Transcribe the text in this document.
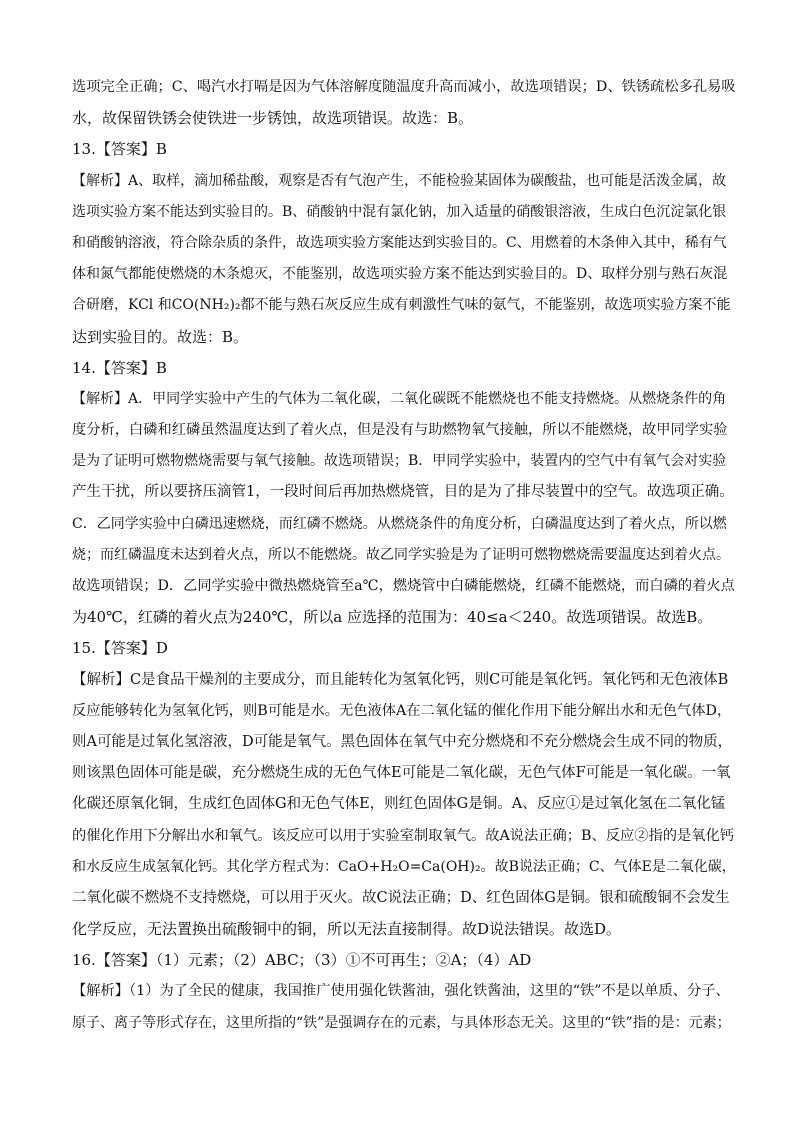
选项完全正确；C、喝汽水打嗝是因为气体溶解度随温度升高而减小，故选项错误；D、铁锈疏松多孔易吸
水，故保留铁锈会使铁进一步锈蚀，故选项错误。故选：B。
13.【答案】B
【解析】A、取样，滴加稀盐酸，观察是否有气泡产生，不能检验某固体为碳酸盐，也可能是活泼金属，故
选项实验方案不能达到实验目的。B、硝酸钠中混有氯化钠，加入适量的硝酸银溶液，生成白色沉淀氯化银
和硝酸钠溶液，符合除杂质的条件，故选项实验方案能达到实验目的。C、用燃着的木条伸入其中，稀有气
体和氮气都能使燃烧的木条熄灭，不能鉴别，故选项实验方案不能达到实验目的。D、取样分别与熟石灰混
合研磨，KCl 和CO(NH₂)₂都不能与熟石灰反应生成有刺激性气味的氨气，不能鉴别，故选项实验方案不能
达到实验目的。故选：B。
14.【答案】B
【解析】A．甲同学实验中产生的气体为二氧化碳，二氧化碳既不能燃烧也不能支持燃烧。从燃烧条件的角
度分析，白磷和红磷虽然温度达到了着火点，但是没有与助燃物氧气接触，所以不能燃烧，故甲同学实验
是为了证明可燃物燃烧需要与氧气接触。故选项错误；B．甲同学实验中，装置内的空气中有氧气会对实验
产生干扰，所以要挤压滴管1，一段时间后再加热燃烧管，目的是为了排尽装置中的空气。故选项正确。
C．乙同学实验中白磷迅速燃烧，而红磷不燃烧。从燃烧条件的角度分析，白磷温度达到了着火点，所以燃
烧；而红磷温度未达到着火点，所以不能燃烧。故乙同学实验是为了证明可燃物燃烧需要温度达到着火点。
故选项错误；D．乙同学实验中微热燃烧管至a℃，燃烧管中白磷能燃烧，红磷不能燃烧，而白磷的着火点
为40℃，红磷的着火点为240℃，所以a 应选择的范围为：40≤a＜240。故选项错误。故选B。
15.【答案】D
【解析】C是食品干燥剂的主要成分，而且能转化为氢氧化钙，则C可能是氧化钙。氧化钙和无色液体B
反应能够转化为氢氧化钙，则B可能是水。无色液体A在二氧化锰的催化作用下能分解出水和无色气体D，
则A可能是过氧化氢溶液，D可能是氧气。黑色固体在氧气中充分燃烧和不充分燃烧会生成不同的物质，
则该黑色固体可能是碳，充分燃烧生成的无色气体E可能是二氧化碳，无色气体F可能是一氧化碳。一氧
化碳还原氧化铜，生成红色固体G和无色气体E，则红色固体G是铜。A、反应①是过氧化氢在二氧化锰
的催化作用下分解出水和氧气。该反应可以用于实验室制取氧气。故A说法正确；B、反应②指的是氧化钙
和水反应生成氢氧化钙。其化学方程式为：CaO+H₂O=Ca(OH)₂。故B说法正确；C、气体E是二氧化碳，
二氧化碳不燃烧不支持燃烧，可以用于灭火。故C说法正确；D、红色固体G是铜。银和硫酸铜不会发生
化学反应，无法置换出硫酸铜中的铜，所以无法直接制得。故D说法错误。故选D。
16.【答案】（1）元素；（2）ABC；（3）①不可再生；②A；（4）AD
【解析】（1）为了全民的健康，我国推广使用强化铁酱油，强化铁酱油，这里的“铁”不是以单质、分子、
原子、离子等形式存在，这里所指的“铁”是强调存在的元素，与具体形态无关。这里的“铁”指的是：元素；
